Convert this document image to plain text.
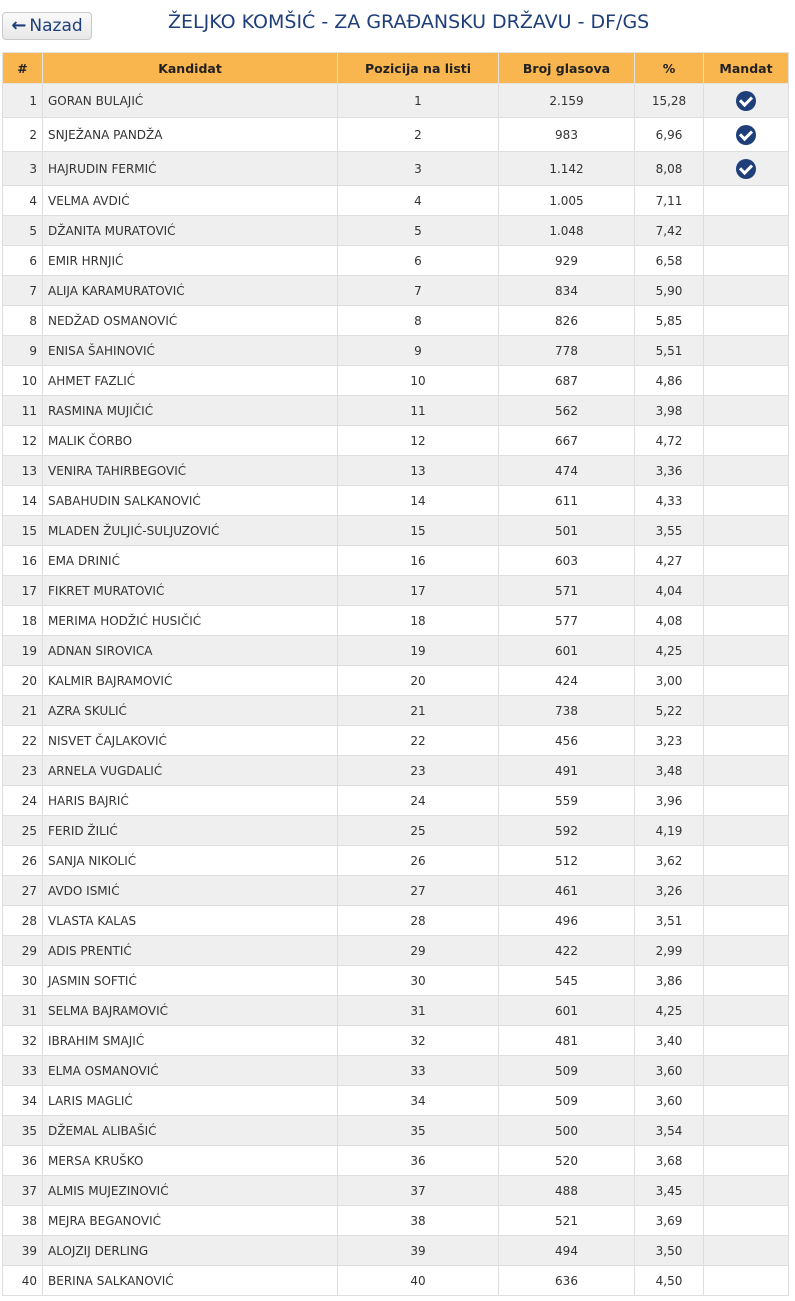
← Nazad	ŽELJKO KOMŠIĆ - ZA GRAĐANSKU DRŽAVU - DF/GS
#	Kandidat	Pozicija na listi	Broj glasova	%	Mandat
1	GORAN BULAJIĆ	1	2.159	15,28	
2	SNJEŽANA PANDŽA	2	983	6,96	
3	HAJRUDIN FERMIĆ	3	1.142	8,08	
4	VELMA AVDIĆ	4	1.005	7,11	
5	DŽANITA MURATOVIĆ	5	1.048	7,42	
6	EMIR HRNJIĆ	6	929	6,58	
7	ALIJA KARAMURATOVIĆ	7	834	5,90	
8	NEDŽAD OSMANOVIĆ	8	826	5,85	
9	ENISA ŠAHINOVIĆ	9	778	5,51	
10	AHMET FAZLIĆ	10	687	4,86	
11	RASMINA MUJIČIĆ	11	562	3,98	
12	MALIK ČORBO	12	667	4,72	
13	VENIRA TAHIRBEGOVIĆ	13	474	3,36	
14	SABAHUDIN SALKANOVIĆ	14	611	4,33	
15	MLADEN ŽULJIĆ-SULJUZOVIĆ	15	501	3,55	
16	EMA DRINIĆ	16	603	4,27	
17	FIKRET MURATOVIĆ	17	571	4,04	
18	MERIMA HODŽIĆ HUSIČIĆ	18	577	4,08	
19	ADNAN SIROVICA	19	601	4,25	
20	KALMIR BAJRAMOVIĆ	20	424	3,00	
21	AZRA SKULIĆ	21	738	5,22	
22	NISVET ČAJLAKOVIĆ	22	456	3,23	
23	ARNELA VUGDALIĆ	23	491	3,48	
24	HARIS BAJRIĆ	24	559	3,96	
25	FERID ŽILIĆ	25	592	4,19	
26	SANJA NIKOLIĆ	26	512	3,62	
27	AVDO ISMIĆ	27	461	3,26	
28	VLASTA KALAS	28	496	3,51	
29	ADIS PRENTIĆ	29	422	2,99	
30	JASMIN SOFTIĆ	30	545	3,86	
31	SELMA BAJRAMOVIĆ	31	601	4,25	
32	IBRAHIM SMAJIĆ	32	481	3,40	
33	ELMA OSMANOVIĆ	33	509	3,60	
34	LARIS MAGLIĆ	34	509	3,60	
35	DŽEMAL ALIBAŠIĆ	35	500	3,54	
36	MERSA KRUŠKO	36	520	3,68	
37	ALMIS MUJEZINOVIĆ	37	488	3,45	
38	MEJRA BEGANOVIĆ	38	521	3,69	
39	ALOJZIJ DERLING	39	494	3,50	
40	BERINA SALKANOVIĆ	40	636	4,50	
